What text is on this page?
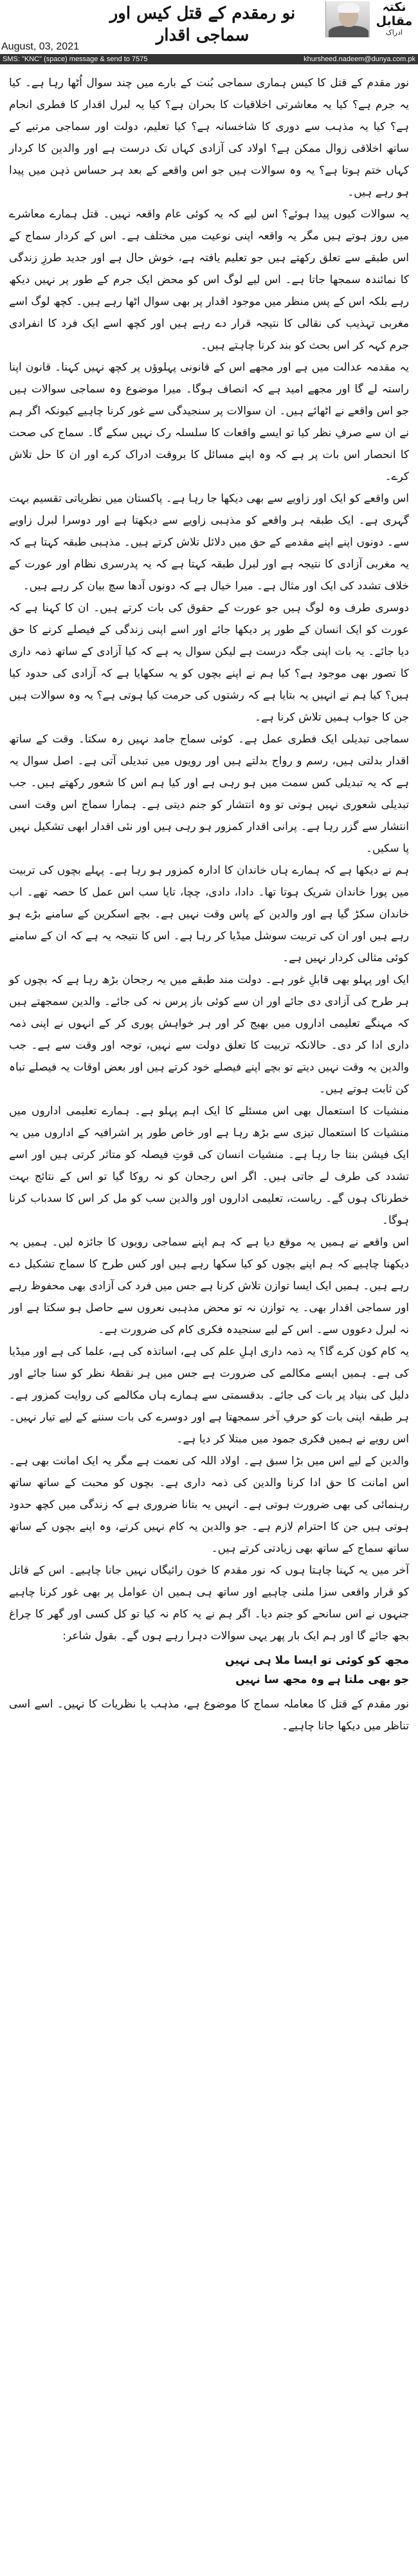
نکتہ مقابل
ادراک
نو رمقدم کے قتل کیس اور سماجی اقدار
August, 03, 2021
SMS: "KNC" (space) message & send to 7575	khursheed.nadeem@dunya.com.pk

نور مقدم کے قتل کا کیس ہماری سماجی بُنت کے بارے میں چند سوال اُٹھا رہا ہے۔ کیا یہ جرم ہے؟ کیا یہ معاشرتی اخلاقیات کا بحران ہے؟ کیا یہ لبرل اقدار کا فطری انجام ہے؟ کیا یہ مذہب سے دوری کا شاخسانہ ہے؟ کیا تعلیم، دولت اور سماجی مرتبے کے ساتھ اخلاقی زوال ممکن ہے؟ اولاد کی آزادی کہاں تک درست ہے اور والدین کا کردار کہاں ختم ہوتا ہے؟ یہ وہ سوالات ہیں جو اس واقعے کے بعد ہر حساس ذہن میں پیدا ہو رہے ہیں۔

یہ سوالات کیوں پیدا ہوئے؟ اس لیے کہ یہ کوئی عام واقعہ نہیں۔ قتل ہمارے معاشرے میں روز ہوتے ہیں مگر یہ واقعہ اپنی نوعیت میں مختلف ہے۔ اس کے کردار سماج کے اس طبقے سے تعلق رکھتے ہیں جو تعلیم یافتہ ہے، خوش حال ہے اور جدید طرزِ زندگی کا نمائندہ سمجھا جاتا ہے۔ اس لیے لوگ اس کو محض ایک جرم کے طور پر نہیں دیکھ رہے بلکہ اس کے پس منظر میں موجود اقدار پر بھی سوال اٹھا رہے ہیں۔ کچھ لوگ اسے مغربی تہذیب کی نقالی کا نتیجہ قرار دے رہے ہیں اور کچھ اسے ایک فرد کا انفرادی جرم کہہ کر اس بحث کو بند کرنا چاہتے ہیں۔

یہ مقدمہ عدالت میں ہے اور مجھے اس کے قانونی پہلوؤں پر کچھ نہیں کہنا۔ قانون اپنا راستہ لے گا اور مجھے امید ہے کہ انصاف ہوگا۔ میرا موضوع وہ سماجی سوالات ہیں جو اس واقعے نے اٹھائے ہیں۔ ان سوالات پر سنجیدگی سے غور کرنا چاہیے کیونکہ اگر ہم نے ان سے صرفِ نظر کیا تو ایسے واقعات کا سلسلہ رک نہیں سکے گا۔ سماج کی صحت کا انحصار اس بات پر ہے کہ وہ اپنے مسائل کا بروقت ادراک کرے اور ان کا حل تلاش کرے۔

اس واقعے کو ایک اور زاویے سے بھی دیکھا جا رہا ہے۔ پاکستان میں نظریاتی تقسیم بہت گہری ہے۔ ایک طبقہ ہر واقعے کو مذہبی زاویے سے دیکھتا ہے اور دوسرا لبرل زاویے سے۔ دونوں اپنے اپنے مقدمے کے حق میں دلائل تلاش کرتے ہیں۔ مذہبی طبقہ کہتا ہے کہ یہ مغربی آزادی کا نتیجہ ہے اور لبرل طبقہ کہتا ہے کہ یہ پدرسری نظام اور عورت کے خلاف تشدد کی ایک اور مثال ہے۔ میرا خیال ہے کہ دونوں آدھا سچ بیان کر رہے ہیں۔

دوسری طرف وہ لوگ ہیں جو عورت کے حقوق کی بات کرتے ہیں۔ ان کا کہنا ہے کہ عورت کو ایک انسان کے طور پر دیکھا جائے اور اسے اپنی زندگی کے فیصلے کرنے کا حق دیا جائے۔ یہ بات اپنی جگہ درست ہے لیکن سوال یہ ہے کہ کیا آزادی کے ساتھ ذمہ داری کا تصور بھی موجود ہے؟ کیا ہم نے اپنے بچوں کو یہ سکھایا ہے کہ آزادی کی حدود کیا ہیں؟ کیا ہم نے انہیں یہ بتایا ہے کہ رشتوں کی حرمت کیا ہوتی ہے؟ یہ وہ سوالات ہیں جن کا جواب ہمیں تلاش کرنا ہے۔

سماجی تبدیلی ایک فطری عمل ہے۔ کوئی سماج جامد نہیں رہ سکتا۔ وقت کے ساتھ اقدار بدلتی ہیں، رسم و رواج بدلتے ہیں اور رویوں میں تبدیلی آتی ہے۔ اصل سوال یہ ہے کہ یہ تبدیلی کس سمت میں ہو رہی ہے اور کیا ہم اس کا شعور رکھتے ہیں۔ جب تبدیلی شعوری نہیں ہوتی تو وہ انتشار کو جنم دیتی ہے۔ ہمارا سماج اس وقت اسی انتشار سے گزر رہا ہے۔ پرانی اقدار کمزور ہو رہی ہیں اور نئی اقدار ابھی تشکیل نہیں پا سکیں۔

ہم نے دیکھا ہے کہ ہمارے ہاں خاندان کا ادارہ کمزور ہو رہا ہے۔ پہلے بچوں کی تربیت میں پورا خاندان شریک ہوتا تھا۔ دادا، دادی، چچا، تایا سب اس عمل کا حصہ تھے۔ اب خاندان سکڑ گیا ہے اور والدین کے پاس وقت نہیں ہے۔ بچے اسکرین کے سامنے بڑے ہو رہے ہیں اور ان کی تربیت سوشل میڈیا کر رہا ہے۔ اس کا نتیجہ یہ ہے کہ ان کے سامنے کوئی مثالی کردار نہیں ہے۔

ایک اور پہلو بھی قابلِ غور ہے۔ دولت مند طبقے میں یہ رجحان بڑھ رہا ہے کہ بچوں کو ہر طرح کی آزادی دی جائے اور ان سے کوئی باز پرس نہ کی جائے۔ والدین سمجھتے ہیں کہ مہنگے تعلیمی اداروں میں بھیج کر اور ہر خواہش پوری کر کے انہوں نے اپنی ذمہ داری ادا کر دی۔ حالانکہ تربیت کا تعلق دولت سے نہیں، توجہ اور وقت سے ہے۔ جب والدین یہ وقت نہیں دیتے تو بچے اپنے فیصلے خود کرتے ہیں اور بعض اوقات یہ فیصلے تباہ کن ثابت ہوتے ہیں۔

منشیات کا استعمال بھی اس مسئلے کا ایک اہم پہلو ہے۔ ہمارے تعلیمی اداروں میں منشیات کا استعمال تیزی سے بڑھ رہا ہے اور خاص طور پر اشرافیہ کے اداروں میں یہ ایک فیشن بنتا جا رہا ہے۔ منشیات انسان کی قوتِ فیصلہ کو متاثر کرتی ہیں اور اسے تشدد کی طرف لے جاتی ہیں۔ اگر اس رجحان کو نہ روکا گیا تو اس کے نتائج بہت خطرناک ہوں گے۔ ریاست، تعلیمی اداروں اور والدین سب کو مل کر اس کا سدباب کرنا ہوگا۔

اس واقعے نے ہمیں یہ موقع دیا ہے کہ ہم اپنے سماجی رویوں کا جائزہ لیں۔ ہمیں یہ دیکھنا چاہیے کہ ہم اپنے بچوں کو کیا سکھا رہے ہیں اور کس طرح کا سماج تشکیل دے رہے ہیں۔ ہمیں ایک ایسا توازن تلاش کرنا ہے جس میں فرد کی آزادی بھی محفوظ رہے اور سماجی اقدار بھی۔ یہ توازن نہ تو محض مذہبی نعروں سے حاصل ہو سکتا ہے اور نہ لبرل دعووں سے۔ اس کے لیے سنجیدہ فکری کام کی ضرورت ہے۔

یہ کام کون کرے گا؟ یہ ذمہ داری اہلِ علم کی ہے، اساتذہ کی ہے، علما کی ہے اور میڈیا کی ہے۔ ہمیں ایسے مکالمے کی ضرورت ہے جس میں ہر نقطۂ نظر کو سنا جائے اور دلیل کی بنیاد پر بات کی جائے۔ بدقسمتی سے ہمارے ہاں مکالمے کی روایت کمزور ہے۔ ہر طبقہ اپنی بات کو حرفِ آخر سمجھتا ہے اور دوسرے کی بات سننے کے لیے تیار نہیں۔ اس رویے نے ہمیں فکری جمود میں مبتلا کر دیا ہے۔

والدین کے لیے اس میں بڑا سبق ہے۔ اولاد اللہ کی نعمت ہے مگر یہ ایک امانت بھی ہے۔ اس امانت کا حق ادا کرنا والدین کی ذمہ داری ہے۔ بچوں کو محبت کے ساتھ ساتھ رہنمائی کی بھی ضرورت ہوتی ہے۔ انہیں یہ بتانا ضروری ہے کہ زندگی میں کچھ حدود ہوتی ہیں جن کا احترام لازم ہے۔ جو والدین یہ کام نہیں کرتے، وہ اپنے بچوں کے ساتھ ساتھ سماج کے ساتھ بھی زیادتی کرتے ہیں۔

آخر میں یہ کہنا چاہتا ہوں کہ نور مقدم کا خون رائیگاں نہیں جانا چاہیے۔ اس کے قاتل کو قرار واقعی سزا ملنی چاہیے اور ساتھ ہی ہمیں ان عوامل پر بھی غور کرنا چاہیے جنہوں نے اس سانحے کو جنم دیا۔ اگر ہم نے یہ کام نہ کیا تو کل کسی اور گھر کا چراغ بجھ جائے گا اور ہم ایک بار پھر یہی سوالات دہرا رہے ہوں گے۔ بقول شاعر:

مجھ کو کوئی تو ایسا ملا ہی نہیں
جو بھی ملتا ہے وہ مجھ سا نہیں

نور مقدم کے قتل کا معاملہ سماج کا موضوع ہے، مذہب یا نظریات کا نہیں۔ اسے اسی تناظر میں دیکھا جانا چاہیے۔
